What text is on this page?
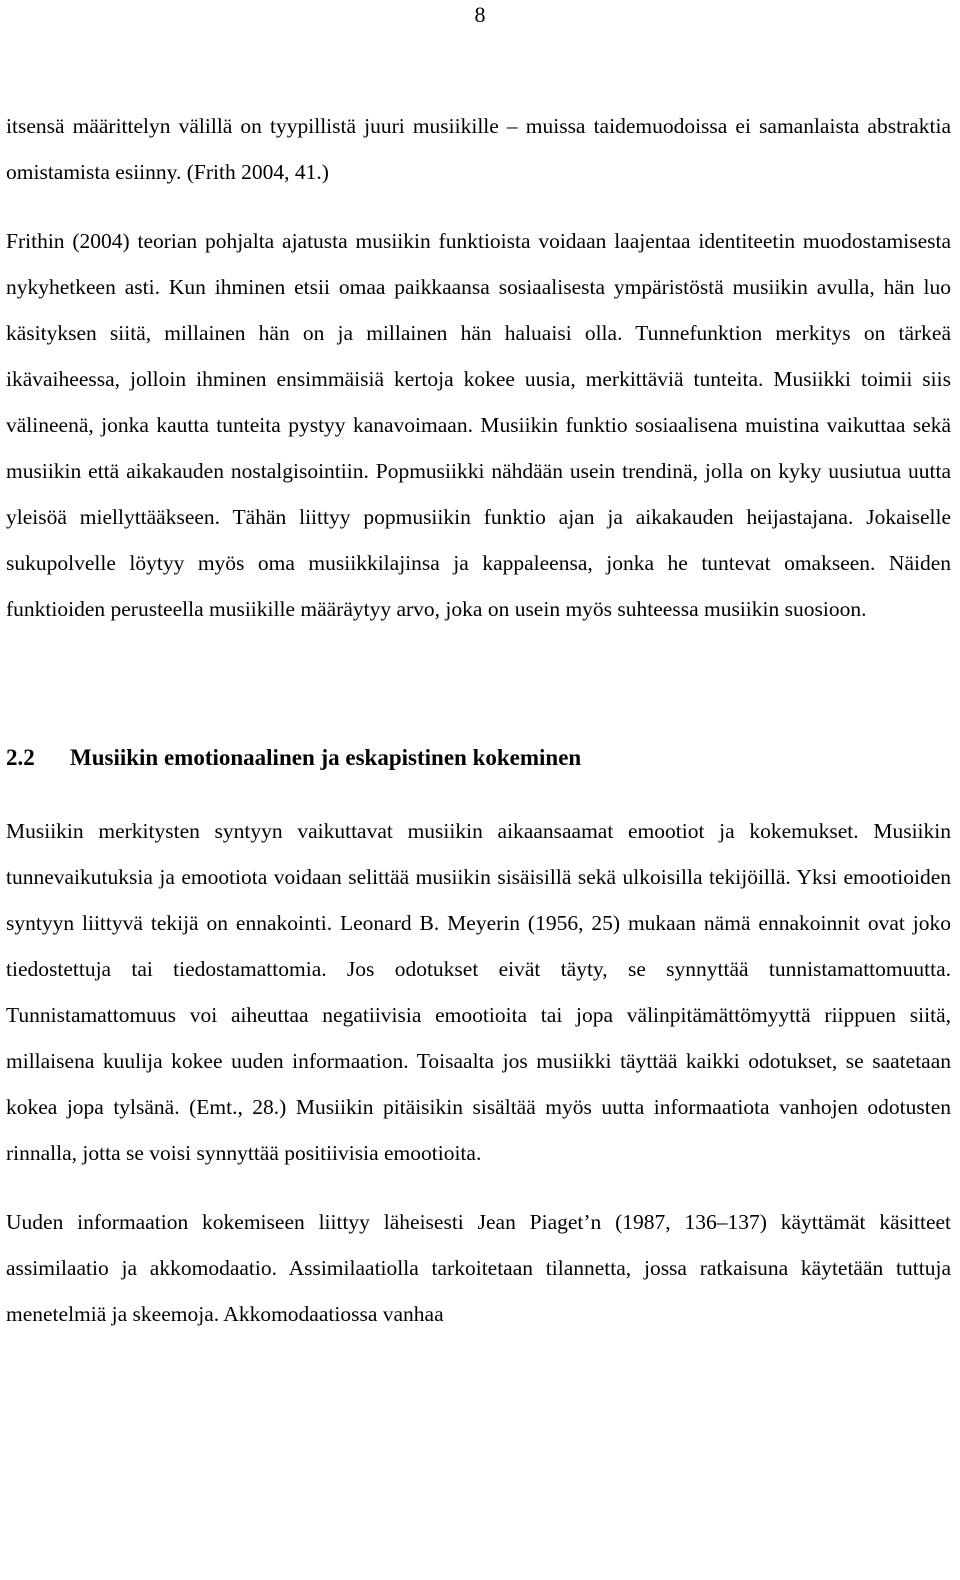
8

itsensä määrittelyn välillä on tyypillistä juuri musiikille – muissa taidemuodoissa ei samanlaista abstraktia omistamista esiinny. (Frith 2004, 41.)

Frithin (2004) teorian pohjalta ajatusta musiikin funktioista voidaan laajentaa identiteetin muodostamisesta nykyhetkeen asti. Kun ihminen etsii omaa paikkaansa sosiaalisesta ympäristöstä musiikin avulla, hän luo käsityksen siitä, millainen hän on ja millainen hän haluaisi olla. Tunnefunktion merkitys on tärkeä ikävaiheessa, jolloin ihminen ensimmäisiä kertoja kokee uusia, merkittäviä tunteita. Musiikki toimii siis välineenä, jonka kautta tunteita pystyy kanavoimaan. Musiikin funktio sosiaalisena muistina vaikuttaa sekä musiikin että aikakauden nostalgisointiin. Popmusiikki nähdään usein trendinä, jolla on kyky uusiutua uutta yleisöä miellyttääkseen. Tähän liittyy popmusiikin funktio ajan ja aikakauden heijastajana. Jokaiselle sukupolvelle löytyy myös oma musiikkilajinsa ja kappaleensa, jonka he tuntevat omakseen. Näiden funktioiden perusteella musiikille määräytyy arvo, joka on usein myös suhteessa musiikin suosioon.

2.2	Musiikin emotionaalinen ja eskapistinen kokeminen

Musiikin merkitysten syntyyn vaikuttavat musiikin aikaansaamat emootiot ja kokemukset. Musiikin tunnevaikutuksia ja emootiota voidaan selittää musiikin sisäisillä sekä ulkoisilla tekijöillä. Yksi emootioiden syntyyn liittyvä tekijä on ennakointi. Leonard B. Meyerin (1956, 25) mukaan nämä ennakoinnit ovat joko tiedostettuja tai tiedostamattomia. Jos odotukset eivät täyty, se synnyttää tunnistamattomuutta. Tunnistamattomuus voi aiheuttaa negatiivisia emootioita tai jopa välinpitämättömyyttä riippuen siitä, millaisena kuulija kokee uuden informaation. Toisaalta jos musiikki täyttää kaikki odotukset, se saatetaan kokea jopa tylsänä. (Emt., 28.) Musiikin pitäisikin sisältää myös uutta informaatiota vanhojen odotusten rinnalla, jotta se voisi synnyttää positiivisia emootioita.

Uuden informaation kokemiseen liittyy läheisesti Jean Piaget’n (1987, 136–137) käyttämät käsitteet assimilaatio ja akkomodaatio. Assimilaatiolla tarkoitetaan tilannetta, jossa ratkaisuna käytetään tuttuja menetelmiä ja skeemoja. Akkomodaatiossa vanhaa
